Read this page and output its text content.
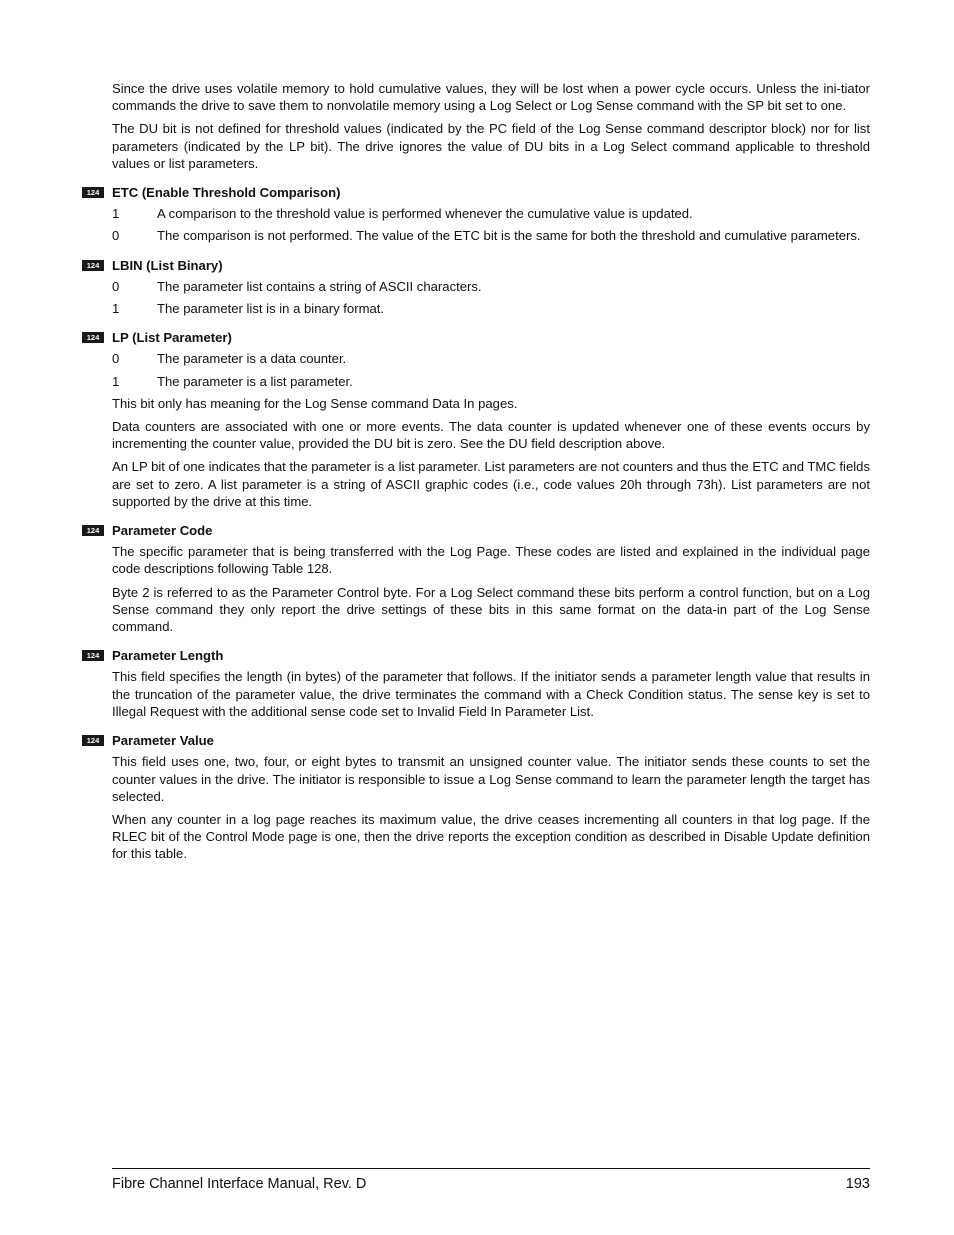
Since the drive uses volatile memory to hold cumulative values, they will be lost when a power cycle occurs. Unless the ini-tiator commands the drive to save them to nonvolatile memory using a Log Select or Log Sense command with the SP bit set to one.

The DU bit is not defined for threshold values (indicated by the PC field of the Log Sense command descriptor block) nor for list parameters (indicated by the LP bit). The drive ignores the value of DU bits in a Log Select command applicable to threshold values or list parameters.

124 ETC (Enable Threshold Comparison)
1	A comparison to the threshold value is performed whenever the cumulative value is updated.
0	The comparison is not performed. The value of the ETC bit is the same for both the threshold and cumulative parameters.
124 LBIN (List Binary)
0	The parameter list contains a string of ASCII characters.
1	The parameter list is in a binary format.
124 LP (List Parameter)
0	The parameter is a data counter.
1	The parameter is a list parameter.

This bit only has meaning for the Log Sense command Data In pages.

Data counters are associated with one or more events. The data counter is updated whenever one of these events occurs by incrementing the counter value, provided the DU bit is zero. See the DU field description above.

An LP bit of one indicates that the parameter is a list parameter. List parameters are not counters and thus the ETC and TMC fields are set to zero. A list parameter is a string of ASCII graphic codes (i.e., code values 20h through 73h). List parameters are not supported by the drive at this time.

124 Parameter Code

The specific parameter that is being transferred with the Log Page. These codes are listed and explained in the individual page code descriptions following Table 128.

Byte 2 is referred to as the Parameter Control byte. For a Log Select command these bits perform a control function, but on a Log Sense command they only report the drive settings of these bits in this same format on the data-in part of the Log Sense command.

124 Parameter Length

This field specifies the length (in bytes) of the parameter that follows. If the initiator sends a parameter length value that results in the truncation of the parameter value, the drive terminates the command with a Check Condition status. The sense key is set to Illegal Request with the additional sense code set to Invalid Field In Parameter List.

124 Parameter Value

This field uses one, two, four, or eight bytes to transmit an unsigned counter value. The initiator sends these counts to set the counter values in the drive. The initiator is responsible to issue a Log Sense command to learn the parameter length the target has selected.

When any counter in a log page reaches its maximum value, the drive ceases incrementing all counters in that log page. If the RLEC bit of the Control Mode page is one, then the drive reports the exception condition as described in Disable Update definition for this table.

Fibre Channel Interface Manual, Rev. D	193
